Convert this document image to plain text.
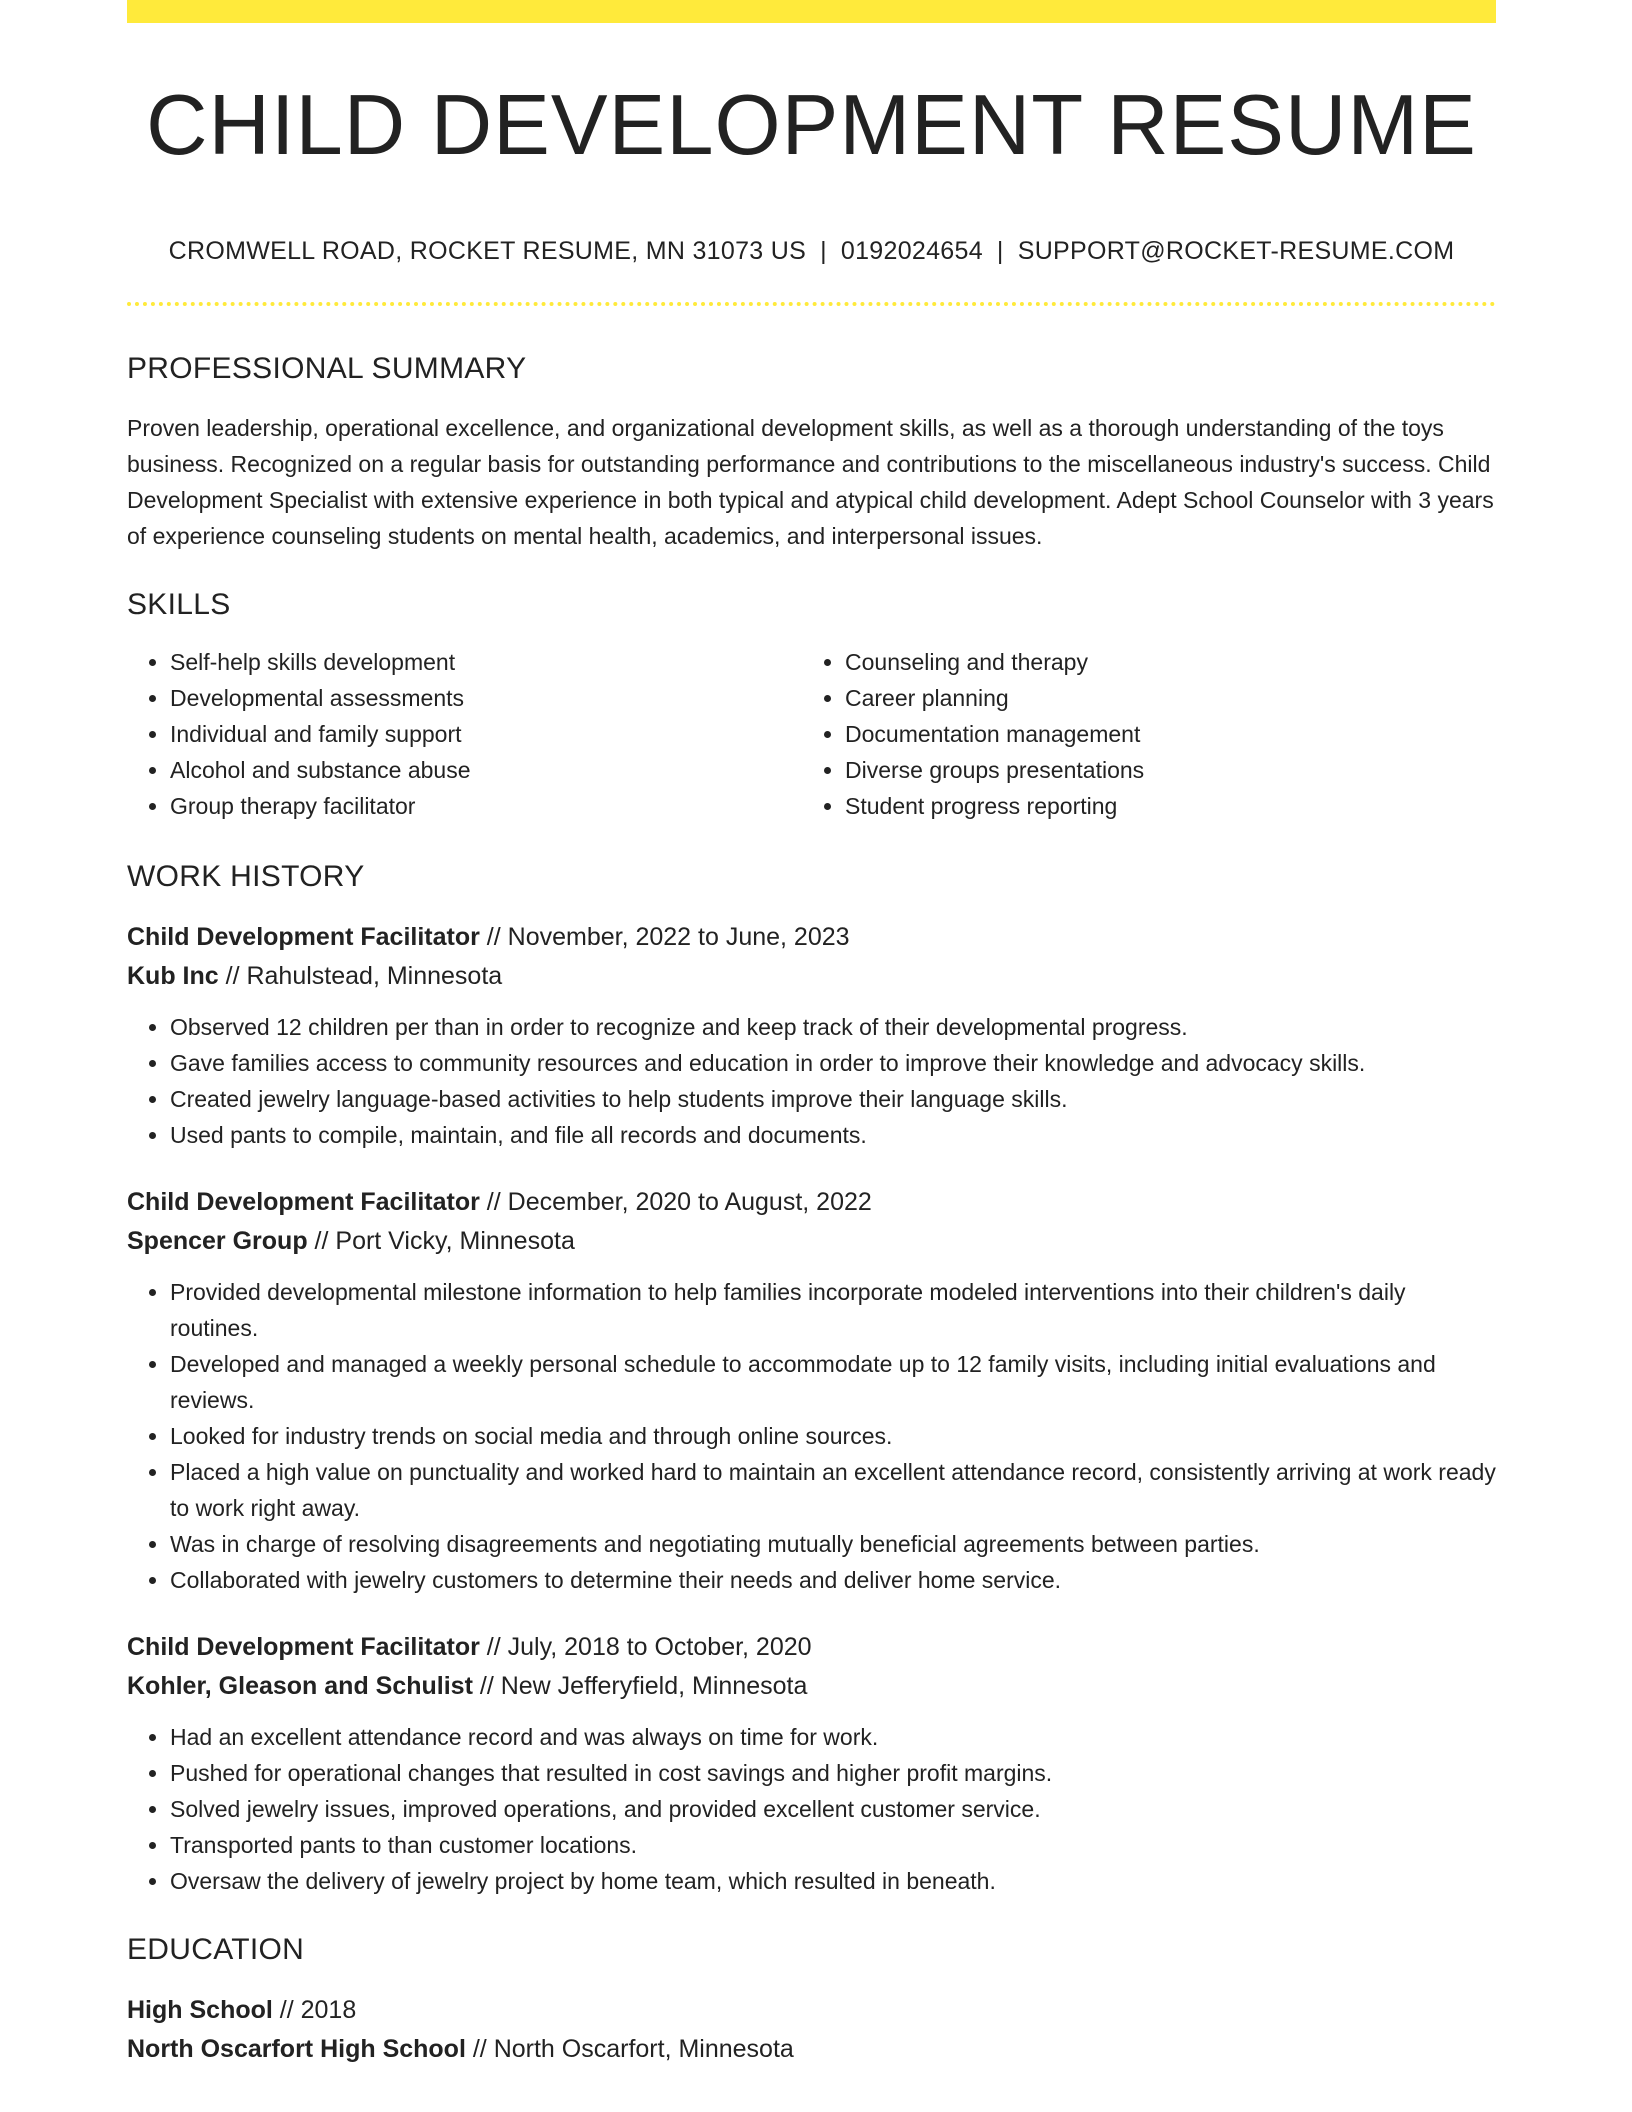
CHILD DEVELOPMENT RESUME
CROMWELL ROAD, ROCKET RESUME, MN 31073 US | 0192024654 | SUPPORT@ROCKET-RESUME.COM
PROFESSIONAL SUMMARY

Proven leadership, operational excellence, and organizational development skills, as well as a thorough understanding of the toys business. Recognized on a regular basis for outstanding performance and contributions to the miscellaneous industry's success. Child Development Specialist with extensive experience in both typical and atypical child development. Adept School Counselor with 3 years of experience counseling students on mental health, academics, and interpersonal issues.

SKILLS
• Self-help skills development
• Developmental assessments
• Individual and family support
• Alcohol and substance abuse
• Group therapy facilitator
• Counseling and therapy
• Career planning
• Documentation management
• Diverse groups presentations
• Student progress reporting
WORK HISTORY
Child Development Facilitator // November, 2022 to June, 2023
Kub Inc // Rahulstead, Minnesota
• Observed 12 children per than in order to recognize and keep track of their developmental progress.
• Gave families access to community resources and education in order to improve their knowledge and advocacy skills.
• Created jewelry language-based activities to help students improve their language skills.
• Used pants to compile, maintain, and file all records and documents.
Child Development Facilitator // December, 2020 to August, 2022
Spencer Group // Port Vicky, Minnesota
• Provided developmental milestone information to help families incorporate modeled interventions into their children's daily routines.
• Developed and managed a weekly personal schedule to accommodate up to 12 family visits, including initial evaluations and reviews.
• Looked for industry trends on social media and through online sources.
• Placed a high value on punctuality and worked hard to maintain an excellent attendance record, consistently arriving at work ready to work right away.
• Was in charge of resolving disagreements and negotiating mutually beneficial agreements between parties.
• Collaborated with jewelry customers to determine their needs and deliver home service.
Child Development Facilitator // July, 2018 to October, 2020
Kohler, Gleason and Schulist // New Jefferyfield, Minnesota
• Had an excellent attendance record and was always on time for work.
• Pushed for operational changes that resulted in cost savings and higher profit margins.
• Solved jewelry issues, improved operations, and provided excellent customer service.
• Transported pants to than customer locations.
• Oversaw the delivery of jewelry project by home team, which resulted in beneath.
EDUCATION
High School // 2018
North Oscarfort High School // North Oscarfort, Minnesota
